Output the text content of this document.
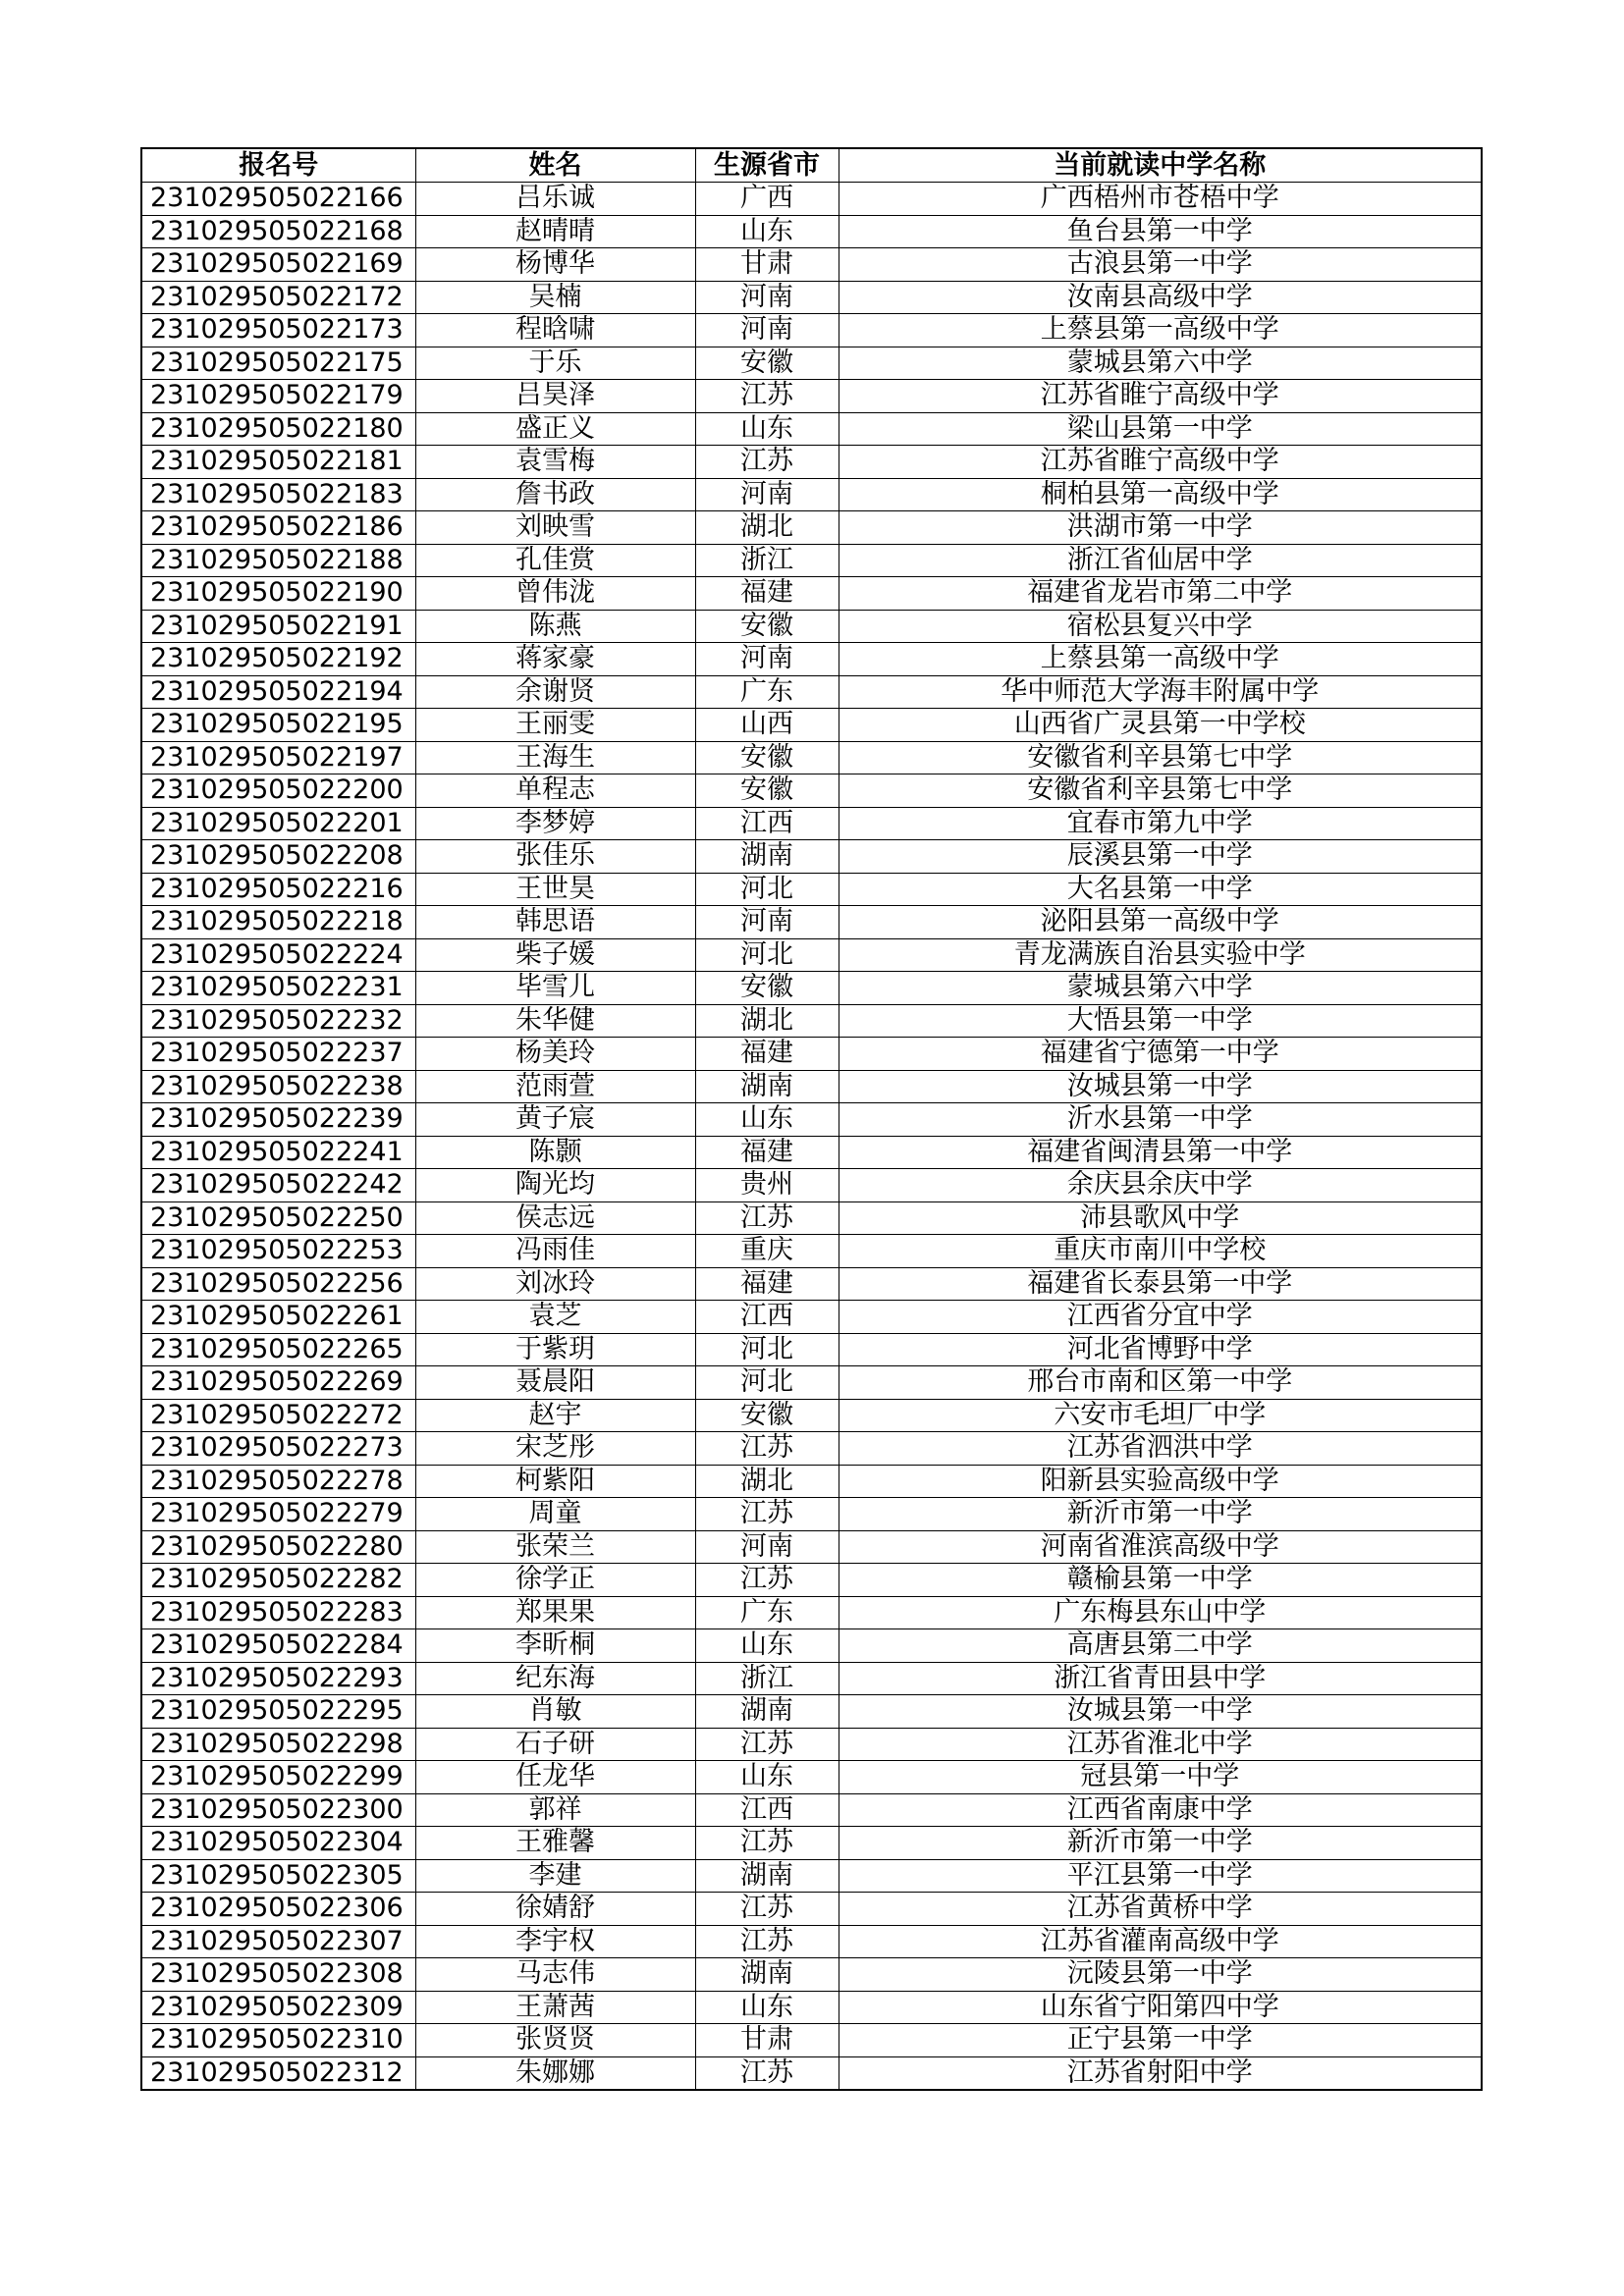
报名号	姓名	生源省市	当前就读中学名称
231029505022166	吕乐诚	广西	广西梧州市苍梧中学
231029505022168	赵晴晴	山东	鱼台县第一中学
231029505022169	杨博华	甘肃	古浪县第一中学
231029505022172	吴楠	河南	汝南县高级中学
231029505022173	程晗啸	河南	上蔡县第一高级中学
231029505022175	于乐	安徽	蒙城县第六中学
231029505022179	吕昊泽	江苏	江苏省睢宁高级中学
231029505022180	盛正义	山东	梁山县第一中学
231029505022181	袁雪梅	江苏	江苏省睢宁高级中学
231029505022183	詹书政	河南	桐柏县第一高级中学
231029505022186	刘映雪	湖北	洪湖市第一中学
231029505022188	孔佳赏	浙江	浙江省仙居中学
231029505022190	曾伟泷	福建	福建省龙岩市第二中学
231029505022191	陈燕	安徽	宿松县复兴中学
231029505022192	蒋家豪	河南	上蔡县第一高级中学
231029505022194	余谢贤	广东	华中师范大学海丰附属中学
231029505022195	王丽雯	山西	山西省广灵县第一中学校
231029505022197	王海生	安徽	安徽省利辛县第七中学
231029505022200	单程志	安徽	安徽省利辛县第七中学
231029505022201	李梦婷	江西	宜春市第九中学
231029505022208	张佳乐	湖南	辰溪县第一中学
231029505022216	王世昊	河北	大名县第一中学
231029505022218	韩思语	河南	泌阳县第一高级中学
231029505022224	柴子媛	河北	青龙满族自治县实验中学
231029505022231	毕雪儿	安徽	蒙城县第六中学
231029505022232	朱华健	湖北	大悟县第一中学
231029505022237	杨美玲	福建	福建省宁德第一中学
231029505022238	范雨萱	湖南	汝城县第一中学
231029505022239	黄子宸	山东	沂水县第一中学
231029505022241	陈颢	福建	福建省闽清县第一中学
231029505022242	陶光均	贵州	余庆县余庆中学
231029505022250	侯志远	江苏	沛县歌风中学
231029505022253	冯雨佳	重庆	重庆市南川中学校
231029505022256	刘冰玲	福建	福建省长泰县第一中学
231029505022261	袁芝	江西	江西省分宜中学
231029505022265	于紫玥	河北	河北省博野中学
231029505022269	聂晨阳	河北	邢台市南和区第一中学
231029505022272	赵宇	安徽	六安市毛坦厂中学
231029505022273	宋芝彤	江苏	江苏省泗洪中学
231029505022278	柯紫阳	湖北	阳新县实验高级中学
231029505022279	周童	江苏	新沂市第一中学
231029505022280	张荣兰	河南	河南省淮滨高级中学
231029505022282	徐学正	江苏	赣榆县第一中学
231029505022283	郑果果	广东	广东梅县东山中学
231029505022284	李昕桐	山东	高唐县第二中学
231029505022293	纪东海	浙江	浙江省青田县中学
231029505022295	肖敏	湖南	汝城县第一中学
231029505022298	石子研	江苏	江苏省淮北中学
231029505022299	任龙华	山东	冠县第一中学
231029505022300	郭祥	江西	江西省南康中学
231029505022304	王雅馨	江苏	新沂市第一中学
231029505022305	李建	湖南	平江县第一中学
231029505022306	徐婧舒	江苏	江苏省黄桥中学
231029505022307	李宇权	江苏	江苏省灌南高级中学
231029505022308	马志伟	湖南	沅陵县第一中学
231029505022309	王萧茜	山东	山东省宁阳第四中学
231029505022310	张贤贤	甘肃	正宁县第一中学
231029505022312	朱娜娜	江苏	江苏省射阳中学
